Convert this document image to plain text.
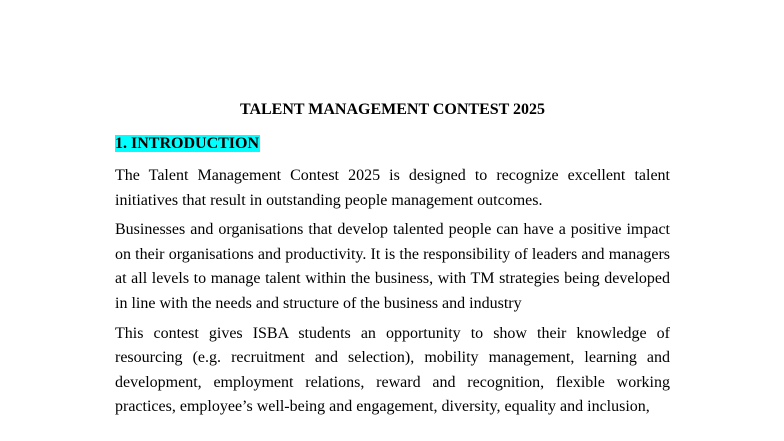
TALENT MANAGEMENT CONTEST 2025
1. INTRODUCTION

The Talent Management Contest 2025 is designed to recognize excellent talent initiatives that result in outstanding people management outcomes.

Businesses and organisations that develop talented people can have a positive impact on their organisations and productivity. It is the responsibility of leaders and managers at all levels to manage talent within the business, with TM strategies being developed in line with the needs and structure of the business and industry

This contest gives ISBA students an opportunity to show their knowledge of resourcing (e.g. recruitment and selection), mobility management, learning and development, employment relations, reward and recognition, flexible working practices, employee’s well-being and engagement, diversity, equality and inclusion,
